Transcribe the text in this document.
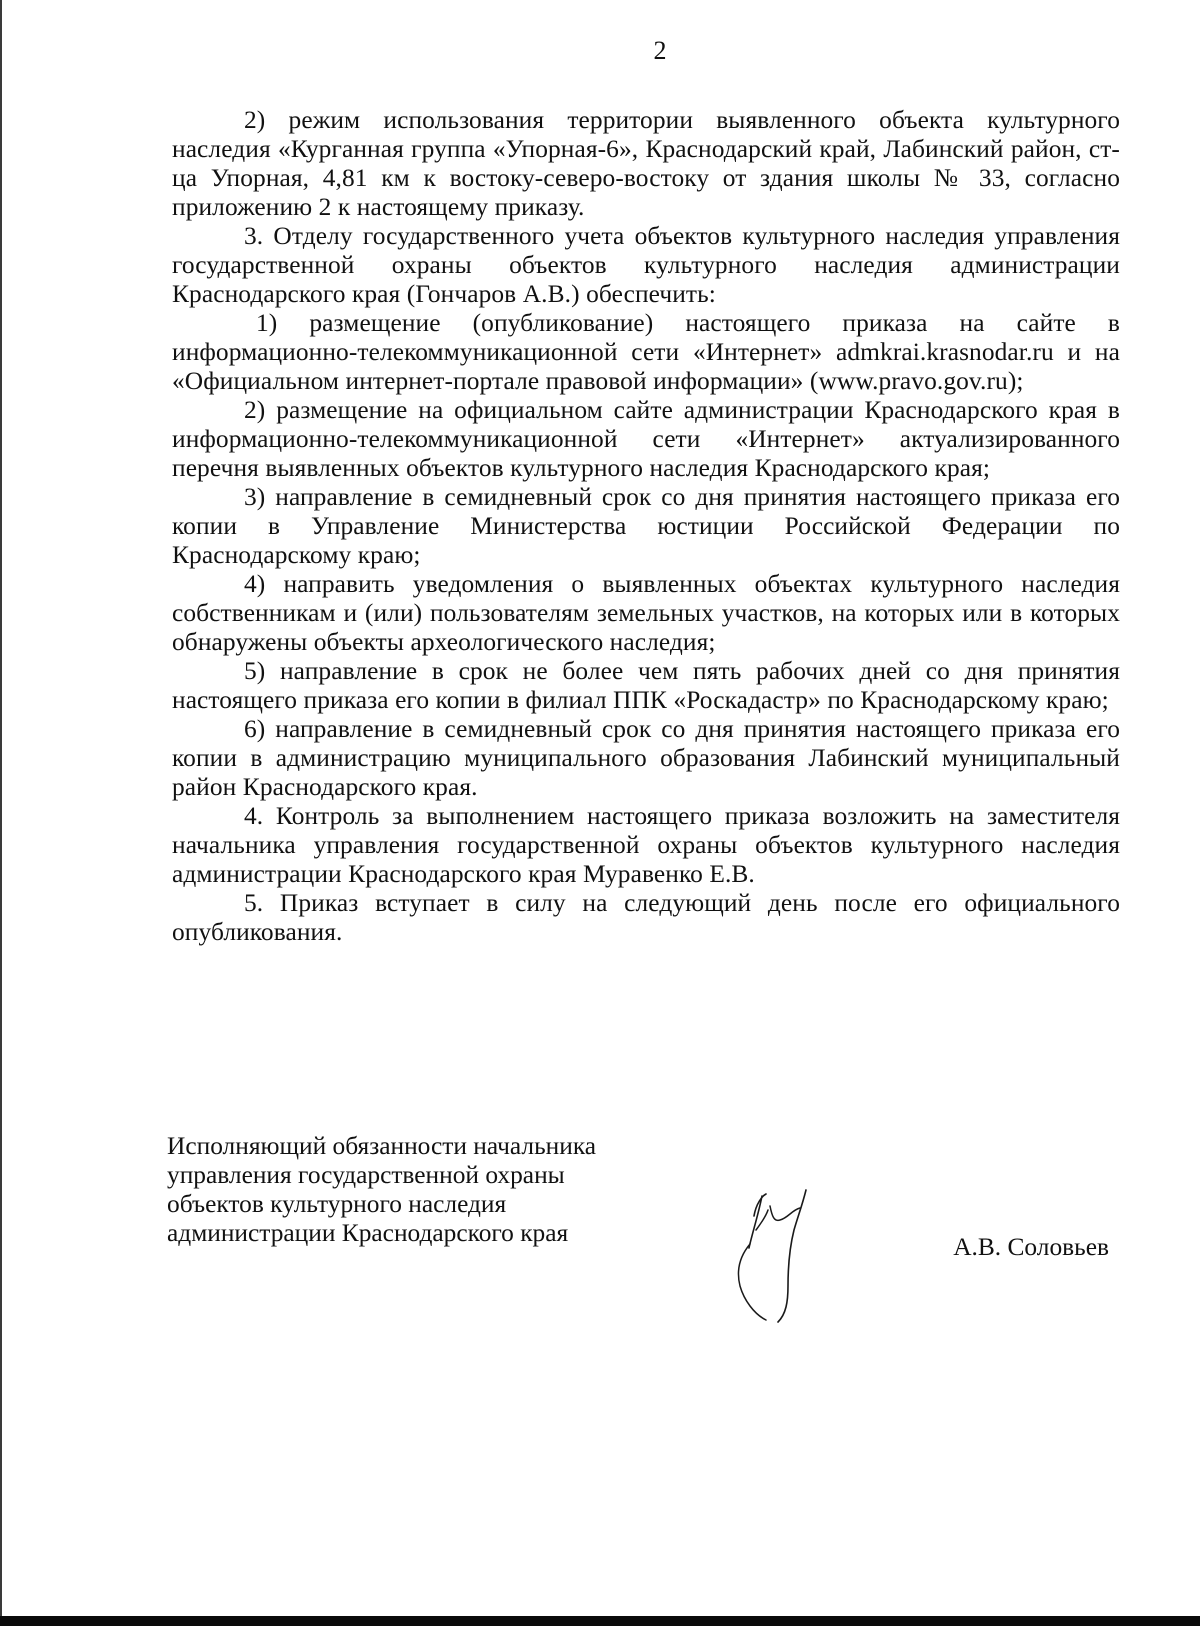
2

2) режим использования территории выявленного объекта культурного наследия «Курганная группа «Упорная-6», Краснодарский край, Лабинский район, ст-ца Упорная, 4,81 км к востоку-северо-востоку от здания школы № 33, согласно приложению 2 к настоящему приказу.

3. Отделу государственного учета объектов культурного наследия управления государственной охраны объектов культурного наследия администрации Краснодарского края (Гончаров А.В.) обеспечить:

1) размещение (опубликование) настоящего приказа на сайте в информационно-телекоммуникационной сети «Интернет» admkrai.krasnodar.ru и на «Официальном интернет-портале правовой информации» (www.pravo.gov.ru);

2) размещение на официальном сайте администрации Краснодарского края в информационно-телекоммуникационной сети «Интернет» актуализированного перечня выявленных объектов культурного наследия Краснодарского края;

3) направление в семидневный срок со дня принятия настоящего приказа его копии в Управление Министерства юстиции Российской Федерации по Краснодарскому краю;

4) направить уведомления о выявленных объектах культурного наследия собственникам и (или) пользователям земельных участков, на которых или в которых обнаружены объекты археологического наследия;

5) направление в срок не более чем пять рабочих дней со дня принятия настоящего приказа его копии в филиал ППК «Роскадастр» по Краснодарскому краю;

6) направление в семидневный срок со дня принятия настоящего приказа его копии в администрацию муниципального образования Лабинский муниципальный район Краснодарского края.

4. Контроль за выполнением настоящего приказа возложить на заместителя начальника управления государственной охраны объектов культурного наследия администрации Краснодарского края Муравенко Е.В.

5. Приказ вступает в силу на следующий день после его официального опубликования.

Исполняющий обязанности начальника
управления государственной охраны
объектов культурного наследия
администрации Краснодарского края	А.В. Соловьев
